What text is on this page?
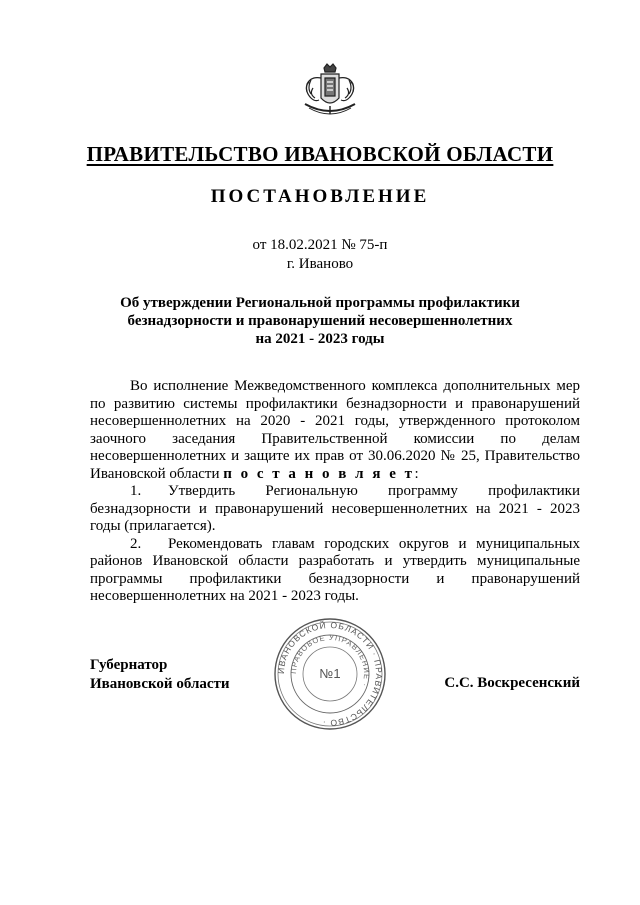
ПРАВИТЕЛЬСТВО ИВАНОВСКОЙ ОБЛАСТИ
ПОСТАНОВЛЕНИЕ
от 18.02.2021 № 75-п
г. Иваново
Об утверждении Региональной программы профилактики
безнадзорности и правонарушений несовершеннолетних
на 2021 - 2023 годы

Во исполнение Межведомственного комплекса дополнительных мер по развитию системы профилактики безнадзорности и правонарушений несовершеннолетних на 2020 - 2021 годы, утвержденного протоколом заочного заседания Правительственной комиссии по делам несовершеннолетних и защите их прав от 30.06.2020 № 25, Правительство Ивановской области п о с т а н о в л я е т:

1. Утвердить Региональную программу профилактики безнадзорности и правонарушений несовершеннолетних на 2021 - 2023 годы (прилагается).

2. Рекомендовать главам городских округов и муниципальных районов Ивановской области разработать и утвердить муниципальные программы профилактики безнадзорности и правонарушений несовершеннолетних на 2021 - 2023 годы.

ИВАНОВСКОЙ ОБЛАСТИ · ПРАВИТЕЛЬСТВО ·
ПРАВОВОЕ УПРАВЛЕНИЕ ·
№1
Губернатор
Ивановской области	С.С. Воскресенский
